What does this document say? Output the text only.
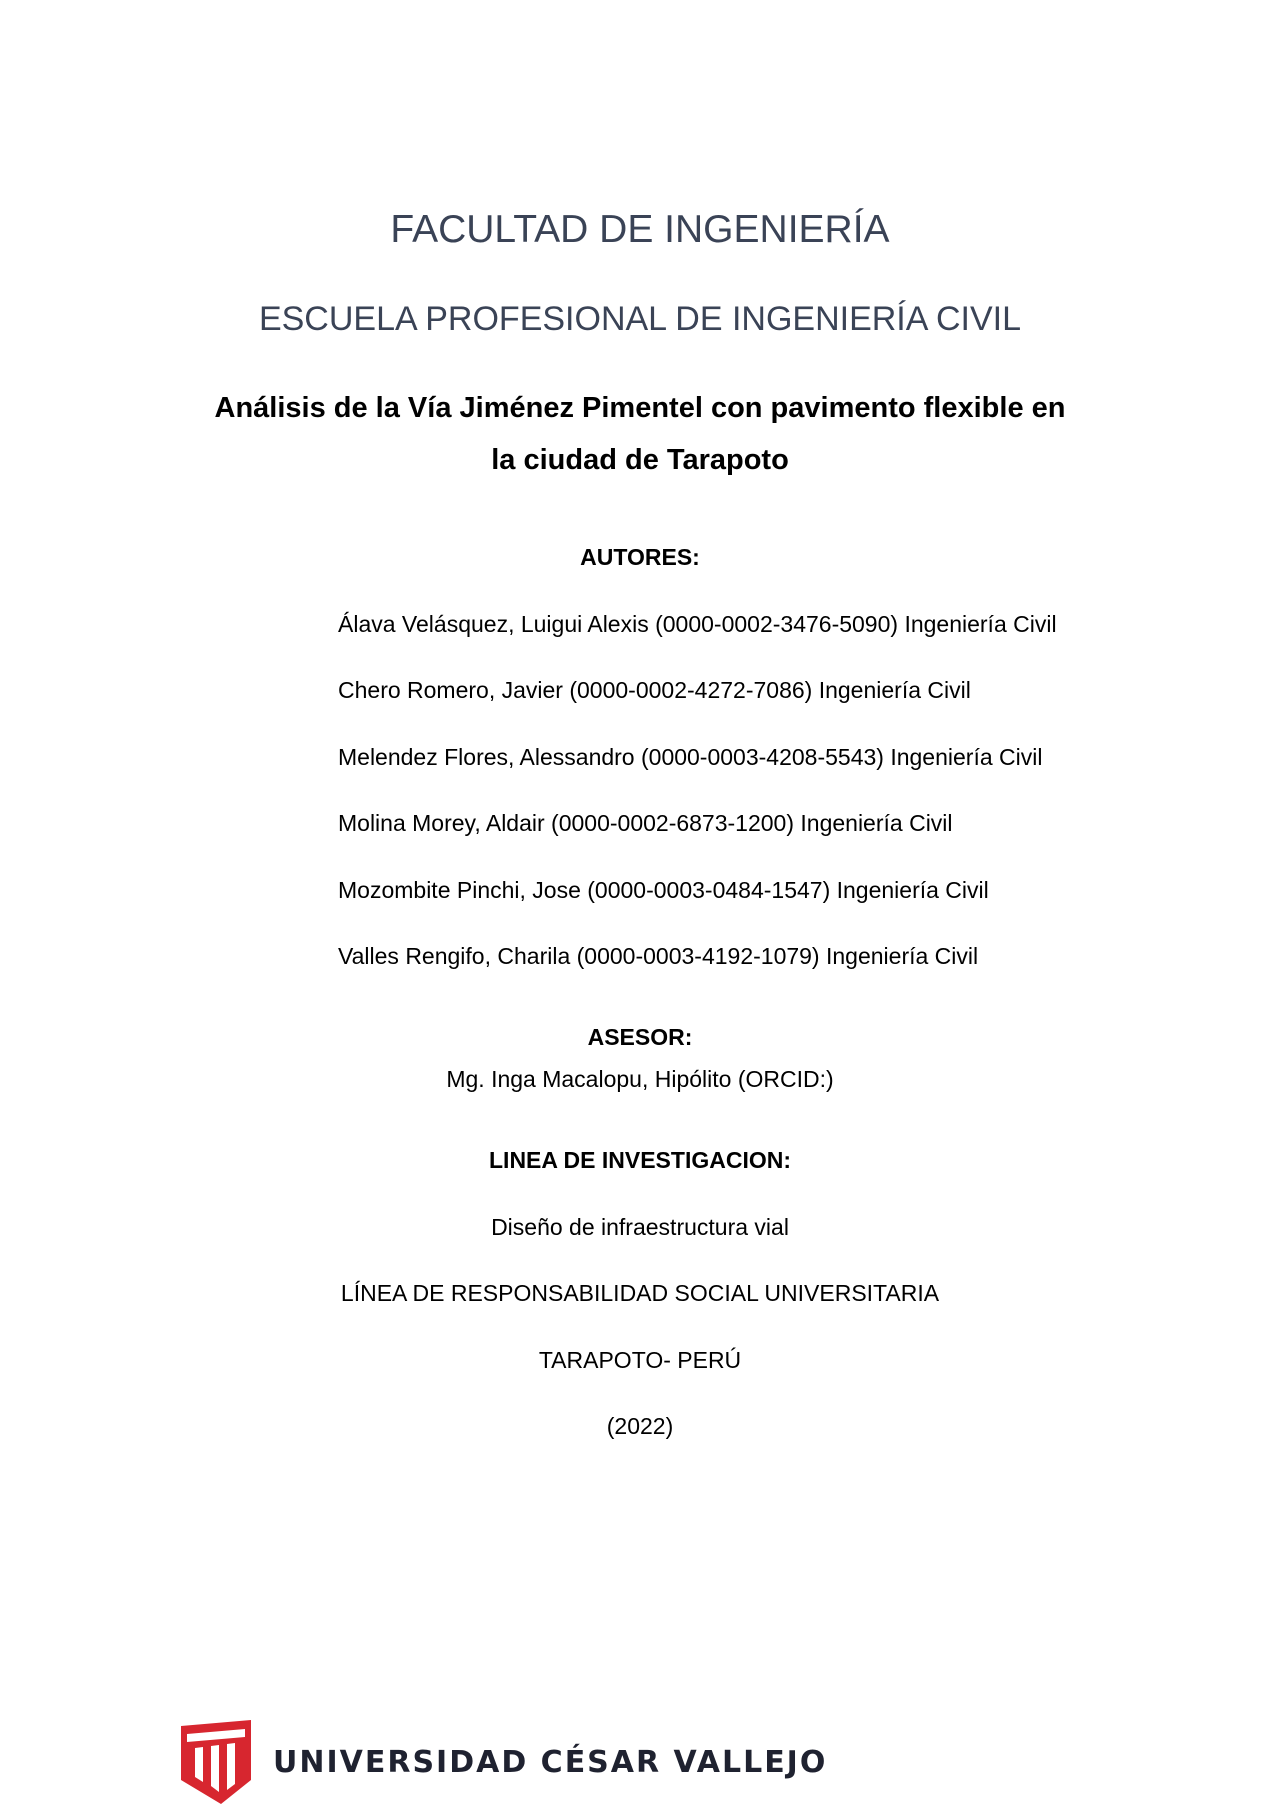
FACULTAD DE INGENIERÍA
ESCUELA PROFESIONAL DE INGENIERÍA CIVIL
Análisis de la Vía Jiménez Pimentel con pavimento flexible en
la ciudad de Tarapoto
AUTORES:
Álava Velásquez, Luigui Alexis (0000-0002-3476-5090) Ingeniería Civil
Chero Romero, Javier (0000-0002-4272-7086) Ingeniería Civil
Melendez Flores, Alessandro (0000-0003-4208-5543) Ingeniería Civil
Molina Morey, Aldair (0000-0002-6873-1200) Ingeniería Civil
Mozombite Pinchi, Jose (0000-0003-0484-1547) Ingeniería Civil
Valles Rengifo, Charila (0000-0003-4192-1079) Ingeniería Civil
ASESOR:
Mg. Inga Macalopu, Hipólito (ORCID:)
LINEA DE INVESTIGACION:
Diseño de infraestructura vial
LÍNEA DE RESPONSABILIDAD SOCIAL UNIVERSITARIA
TARAPOTO- PERÚ
(2022)
UNIVERSIDAD CÉSAR VALLEJO
